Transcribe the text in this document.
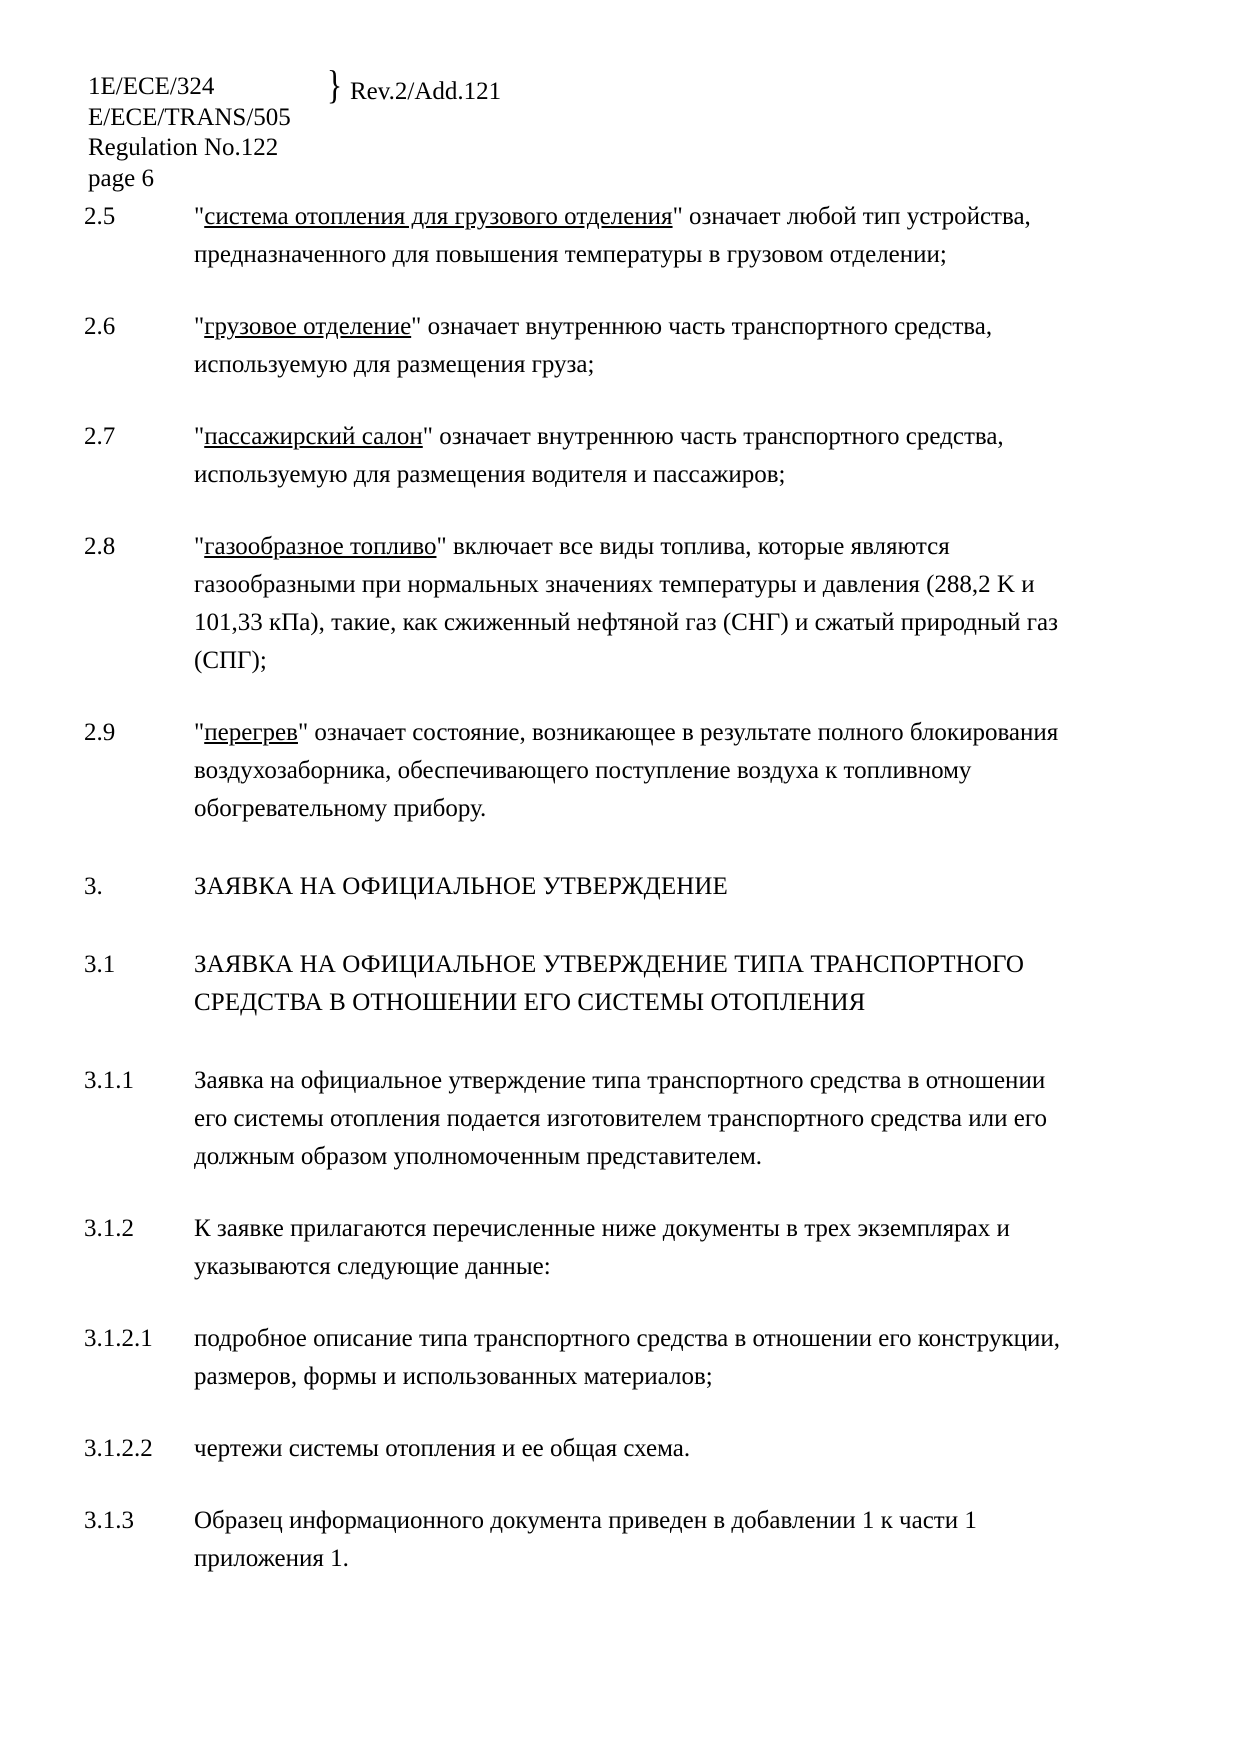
1E/ECE/324
E/ECE/TRANS/505
} Rev.2/Add.121
Regulation No.122
page 6
2.5	"система отопления для грузового отделения" означает любой тип устройства, предназначенного для повышения температуры в грузовом отделении;
2.6	"грузовое отделение" означает внутреннюю часть транспортного средства, используемую для размещения груза;
2.7	"пассажирский салон" означает внутреннюю часть транспортного средства, используемую для размещения водителя и пассажиров;
2.8	"газообразное топливо" включает все виды топлива, которые являются газообразными при нормальных значениях температуры и давления (288,2 K и 101,33 кПа), такие, как сжиженный нефтяной газ (СНГ) и сжатый природный газ (СПГ);
2.9	"перегрев" означает состояние, возникающее в результате полного блокирования воздухозаборника, обеспечивающего поступление воздуха к топливному обогревательному прибору.
3.	ЗАЯВКА НА ОФИЦИАЛЬНОЕ УТВЕРЖДЕНИЕ
3.1	ЗАЯВКА НА ОФИЦИАЛЬНОЕ УТВЕРЖДЕНИЕ ТИПА ТРАНСПОРТНОГО СРЕДСТВА В ОТНОШЕНИИ ЕГО СИСТЕМЫ ОТОПЛЕНИЯ
3.1.1	Заявка на официальное утверждение типа транспортного средства в отношении его системы отопления подается изготовителем транспортного средства или его должным образом уполномоченным представителем.
3.1.2	К заявке прилагаются перечисленные ниже документы в трех экземплярах и указываются следующие данные:
3.1.2.1	подробное описание типа транспортного средства в отношении его конструкции, размеров, формы и использованных материалов;
3.1.2.2	чертежи системы отопления и ее общая схема.
3.1.3	Образец информационного документа приведен в добавлении 1 к части 1 приложения 1.
